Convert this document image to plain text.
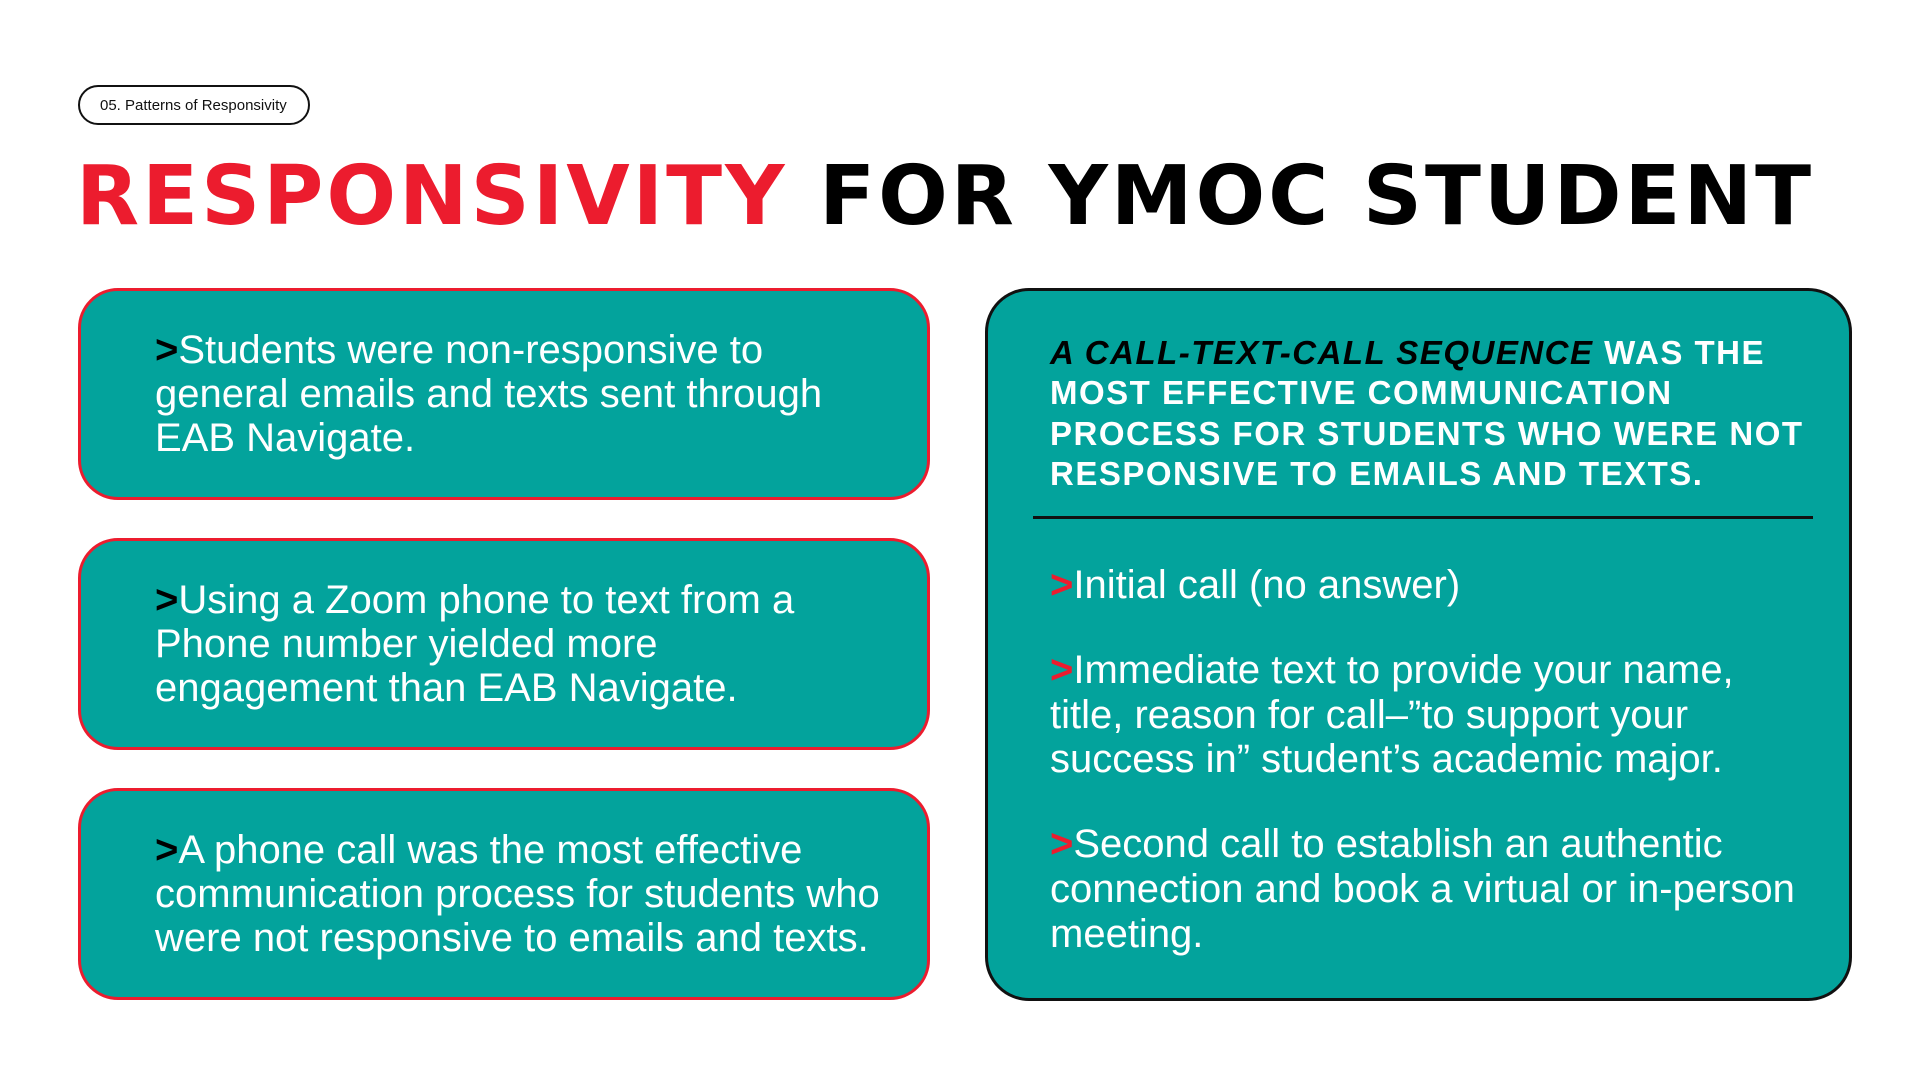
05. Patterns of Responsivity
RESPONSIVITY FOR YMOC STUDENT
>Students were non-responsive to general emails and texts sent through EAB Navigate.
>Using a Zoom phone to text from a Phone number yielded more engagement than EAB Navigate.
>A phone call was the most effective communication process for students who were not responsive to emails and texts.
A CALL-TEXT-CALL SEQUENCE WAS THE MOST EFFECTIVE COMMUNICATION PROCESS FOR STUDENTS WHO WERE NOT RESPONSIVE TO EMAILS AND TEXTS.

>Initial call (no answer)

>Immediate text to provide your name, title, reason for call–”to support your success in” student’s academic major.

>Second call to establish an authentic connection and book a virtual or in-person meeting.
